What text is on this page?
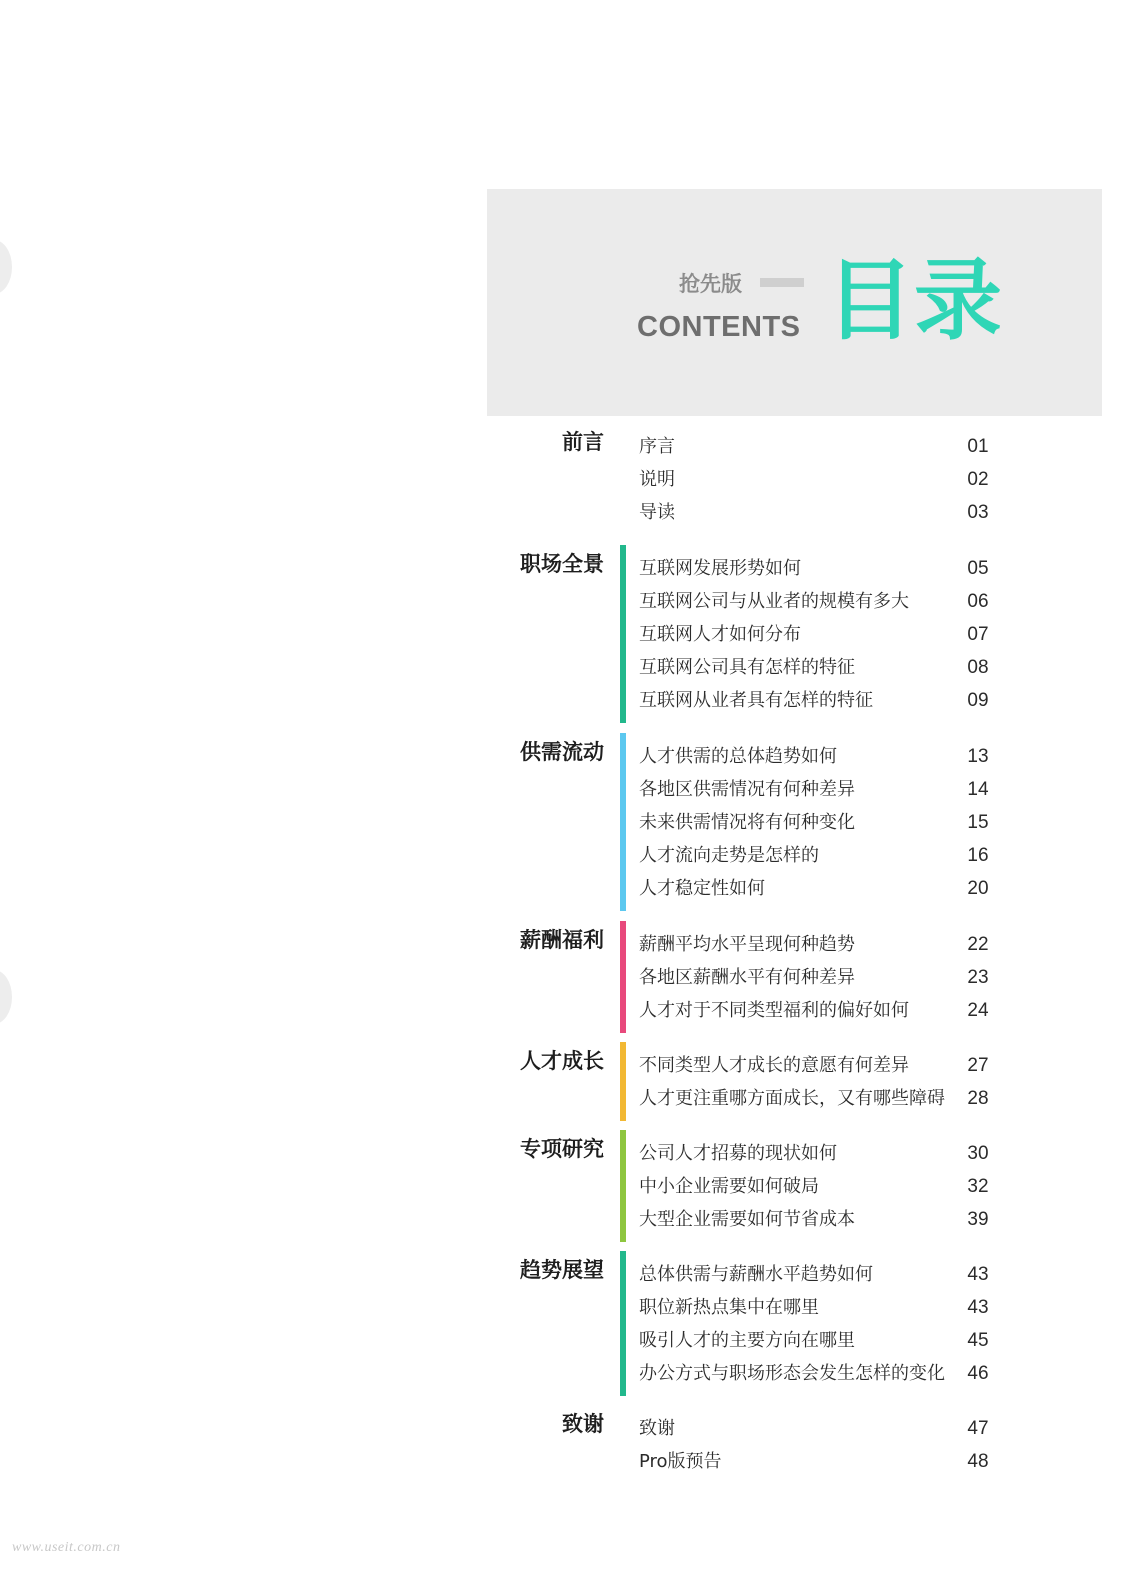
抢先版
CONTENTS 目录
前言 序言	01
说明	02
导读	03
职场全景 互联网发展形势如何	05
互联网公司与从业者的规模有多大	06
互联网人才如何分布	07
互联网公司具有怎样的特征	08
互联网从业者具有怎样的特征	09
供需流动 人才供需的总体趋势如何	13
各地区供需情况有何种差异	14
未来供需情况将有何种变化	15
人才流向走势是怎样的	16
人才稳定性如何	20
薪酬福利 薪酬平均水平呈现何种趋势	22
各地区薪酬水平有何种差异	23
人才对于不同类型福利的偏好如何	24
人才成长 不同类型人才成长的意愿有何差异	27
人才更注重哪方面成长，又有哪些障碍	28
专项研究 公司人才招募的现状如何	30
中小企业需要如何破局	32
大型企业需要如何节省成本	39
趋势展望 总体供需与薪酬水平趋势如何	43
职位新热点集中在哪里	43
吸引人才的主要方向在哪里	45
办公方式与职场形态会发生怎样的变化	46
致谢 致谢	47
Pro版预告	48
www.useit.com.cn
